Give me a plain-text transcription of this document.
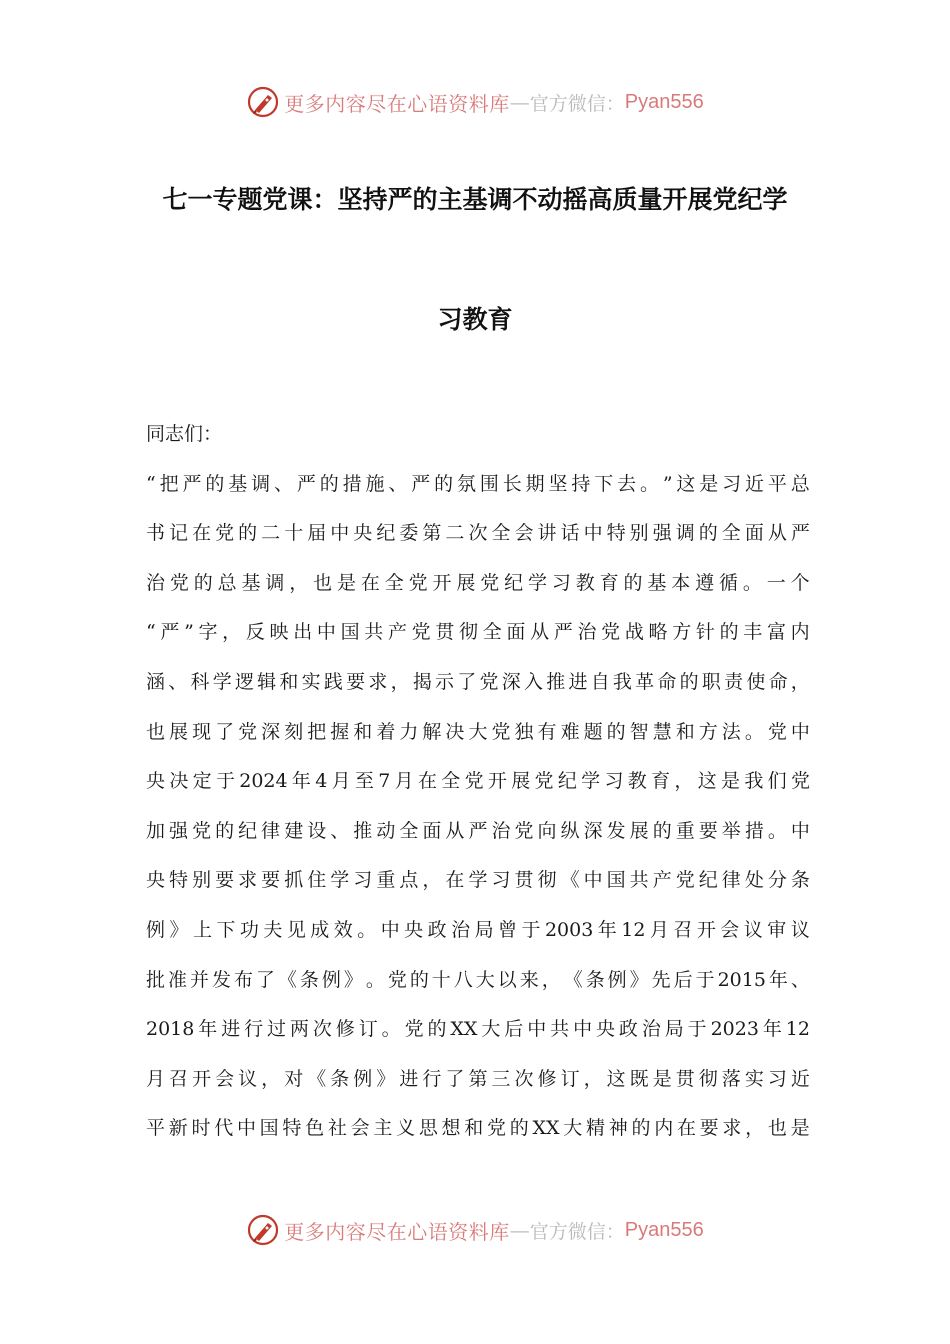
更多内容尽在心语资料库 — 官方微信： Pyan556
七一专题党课：坚持严的主基调不动摇高质量开展党纪学
习教育
同志们：
“ 把 严 的 基 调 、 严 的 措 施 、 严 的 氛 围 长 期 坚 持 下 去 。 ” 这 是 习 近 平 总
书 记 在 党 的 二 十 届 中 央 纪 委 第 二 次 全 会 讲 话 中 特 别 强 调 的 全 面 从 严
治 党 的 总 基 调 ， 也 是 在 全 党 开 展 党 纪 学 习 教 育 的 基 本 遵 循 。 一 个
“ 严 ” 字 ， 反 映 出 中 国 共 产 党 贯 彻 全 面 从 严 治 党 战 略 方 针 的 丰 富 内
涵 、 科 学 逻 辑 和 实 践 要 求 ， 揭 示 了 党 深 入 推 进 自 我 革 命 的 职 责 使 命 ，
也 展 现 了 党 深 刻 把 握 和 着 力 解 决 大 党 独 有 难 题 的 智 慧 和 方 法 。 党 中
央 决 定 于 2024 年 4 月 至 7 月 在 全 党 开 展 党 纪 学 习 教 育 ， 这 是 我 们 党
加 强 党 的 纪 律 建 设 、 推 动 全 面 从 严 治 党 向 纵 深 发 展 的 重 要 举 措 。 中
央 特 别 要 求 要 抓 住 学 习 重 点 ， 在 学 习 贯 彻 《 中 国 共 产 党 纪 律 处 分 条
例 》 上 下 功 夫 见 成 效 。 中 央 政 治 局 曾 于 2003 年 12 月 召 开 会 议 审 议
批 准 并 发 布 了 《 条 例 》 。 党 的 十 八 大 以 来 ， 《 条 例 》 先 后 于 2015 年 、
2018 年 进 行 过 两 次 修 订 。 党 的 XX 大 后 中 共 中 央 政 治 局 于 2023 年 12
月 召 开 会 议 ， 对 《 条 例 》 进 行 了 第 三 次 修 订 ， 这 既 是 贯 彻 落 实 习 近
平 新 时 代 中 国 特 色 社 会 主 义 思 想 和 党 的 XX 大 精 神 的 内 在 要 求 ， 也 是
更多内容尽在心语资料库 — 官方微信： Pyan556
